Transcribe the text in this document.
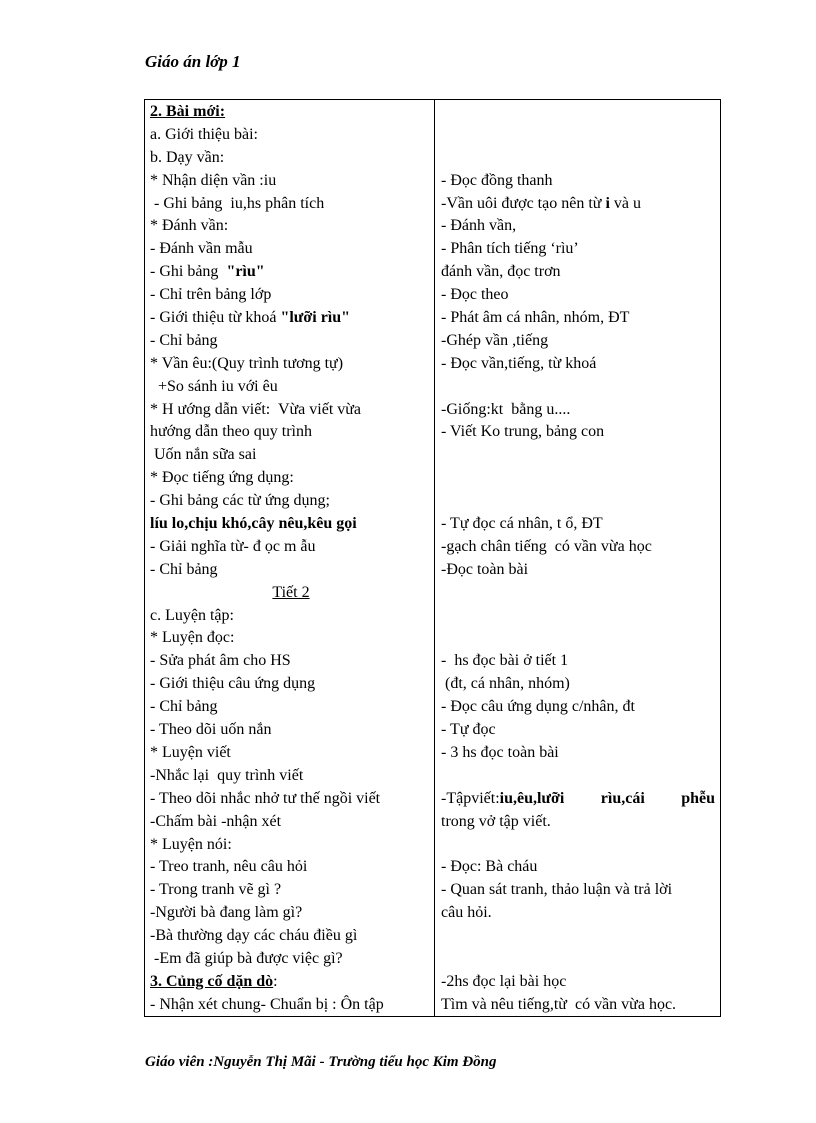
Giáo án lớp 1
2. Bài mới:
a. Giới thiệu bài:
b. Dạy vần:
* Nhận diện vần :iu
- Ghi bảng  iu,hs phân tích
* Đánh vần:
- Đánh vần mẫu
- Ghi bảng  "rìu"
- Chỉ trên bảng lớp
- Giới thiệu từ khoá "lưỡi rìu"
- Chỉ bảng
* Vần êu:(Quy trình tương tự)
+So sánh iu với êu
* H ướng dẫn viết:  Vừa viết vừa
hướng dẫn theo quy trình
Uốn nắn sữa sai
* Đọc tiếng ứng dụng:
- Ghi bảng các từ ứng dụng;
líu lo,chịu khó,cây nêu,kêu gọi
- Giải nghĩa từ- đ ọc m ẫu
- Chỉ bảng
Tiết 2
c. Luyện tập:
* Luyện đọc:
- Sửa phát âm cho HS
- Giới thiệu câu ứng dụng
- Chỉ bảng
- Theo dõi uốn nắn
* Luyện viết
-Nhắc lại  quy trình viết
- Theo dõi nhắc nhở tư thế ngồi viết
-Chấm bài -nhận xét
* Luyện nói:
- Treo tranh, nêu câu hỏi
- Trong tranh vẽ gì ?
-Người bà đang làm gì?
-Bà thường dạy các cháu điều gì
-Em đã giúp bà được việc gì?
3. Củng cố dặn dò:
- Nhận xét chung- Chuẩn bị : Ôn tập
- Đọc đồng thanh
-Vần uôi được tạo nên từ i và u
- Đánh vần,
- Phân tích tiếng ‘rìu’
đánh vần, đọc trơn
- Đọc theo
- Phát âm cá nhân, nhóm, ĐT
-Ghép vần ,tiếng
- Đọc vần,tiếng, từ khoá
-Giống:kt  bằng u....
- Viết Ko trung, bảng con
- Tự đọc cá nhân, t ổ, ĐT
-gạch chân tiếng  có vần vừa học
-Đọc toàn bài
-  hs đọc bài ở tiết 1
(đt, cá nhân, nhóm)
- Đọc câu ứng dụng c/nhân, đt
- Tự đọc
- 3 hs đọc toàn bài
-Tậpviết:iu,êu,lưỡi   rìu,cái   phễu
trong vở tập viết.
- Đọc: Bà cháu
- Quan sát tranh, thảo luận và trả lời
câu hỏi.
-2hs đọc lại bài học
Tìm và nêu tiếng,từ  có vần vừa học.
Giáo viên :Nguyễn Thị Mãi - Trường tiểu học Kim Đồng
